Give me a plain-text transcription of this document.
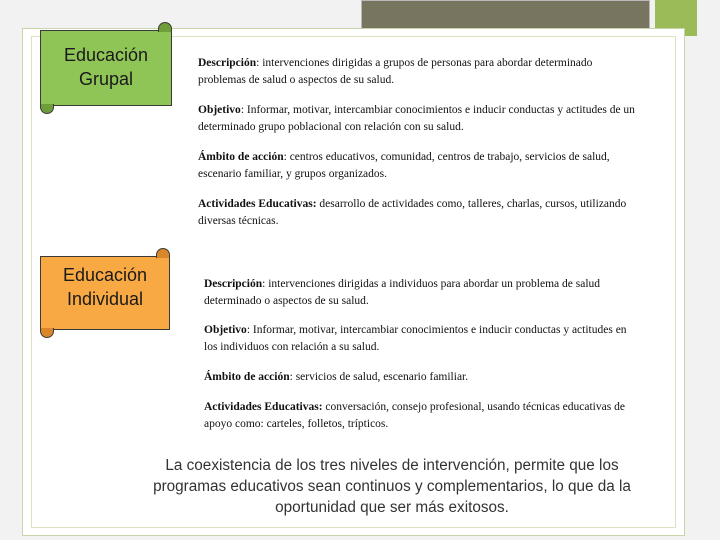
Educación
Grupal
Descripción: intervenciones dirigidas a grupos de personas para abordar determinado problemas de salud o aspectos de su salud.
Objetivo: Informar, motivar, intercambiar conocimientos e inducir conductas y actitudes de un determinado grupo poblacional con relación con su salud.
Ámbito de acción: centros educativos, comunidad, centros de trabajo, servicios de salud, escenario familiar, y grupos organizados.
Actividades Educativas: desarrollo de actividades como, talleres, charlas, cursos, utilizando diversas técnicas.
Educación
Individual
Descripción: intervenciones dirigidas a individuos para abordar un problema de salud determinado o aspectos de su salud.
Objetivo: Informar, motivar, intercambiar conocimientos e inducir conductas y actitudes en los individuos con relación a su salud.
Ámbito de acción: servicios de salud, escenario familiar.
Actividades Educativas: conversación, consejo profesional, usando técnicas educativas de apoyo como: carteles, folletos, trípticos.
La coexistencia de los tres niveles de intervención, permite que los programas educativos sean continuos y complementarios, lo que da la oportunidad que ser más exitosos.
